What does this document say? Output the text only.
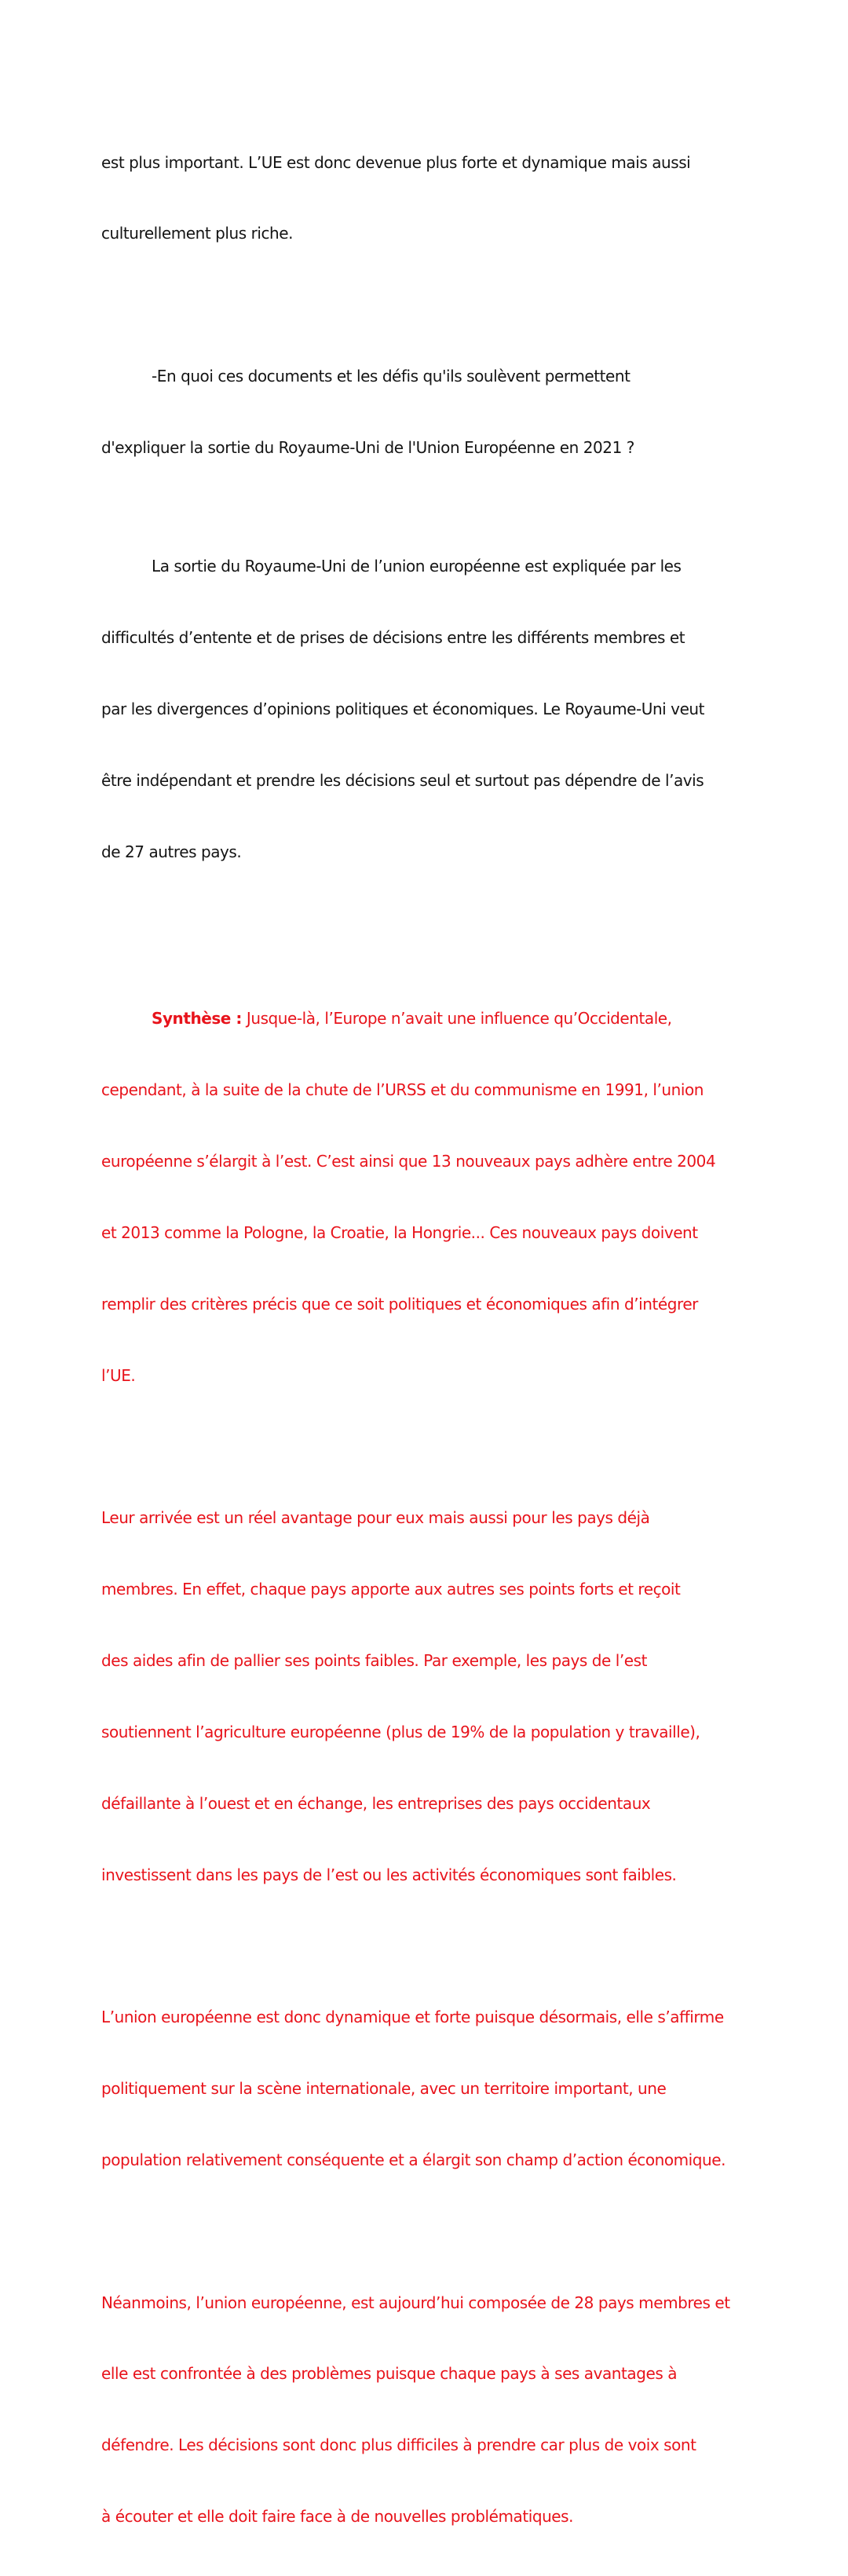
est plus important. L’UE est donc devenue plus forte et dynamique mais aussi

culturellement plus riche.

-En quoi ces documents et les défis qu'ils soulèvent permettent

d'expliquer la sortie du Royaume-Uni de l'Union Européenne en 2021 ?

La sortie du Royaume-Uni de l’union européenne est expliquée par les

difficultés d’entente et de prises de décisions entre les différents membres et

par les divergences d’opinions politiques et économiques. Le Royaume-Uni veut

être indépendant et prendre les décisions seul et surtout pas dépendre de l’avis

de 27 autres pays.

Synthèse : Jusque-là, l’Europe n’avait une influence qu’Occidentale,

cependant, à la suite de la chute de l’URSS et du communisme en 1991, l’union

européenne s’élargit à l’est. C’est ainsi que 13 nouveaux pays adhère entre 2004

et 2013 comme la Pologne, la Croatie, la Hongrie... Ces nouveaux pays doivent

remplir des critères précis que ce soit politiques et économiques afin d’intégrer

l’UE.

Leur arrivée est un réel avantage pour eux mais aussi pour les pays déjà

membres. En effet, chaque pays apporte aux autres ses points forts et reçoit

des aides afin de pallier ses points faibles. Par exemple, les pays de l’est

soutiennent l’agriculture européenne (plus de 19% de la population y travaille),

défaillante à l’ouest et en échange, les entreprises des pays occidentaux

investissent dans les pays de l’est ou les activités économiques sont faibles.

L’union européenne est donc dynamique et forte puisque désormais, elle s’affirme

politiquement sur la scène internationale, avec un territoire important, une

population relativement conséquente et a élargit son champ d’action économique.

Néanmoins, l’union européenne, est aujourd’hui composée de 28 pays membres et

elle est confrontée à des problèmes puisque chaque pays à ses avantages à

défendre. Les décisions sont donc plus difficiles à prendre car plus de voix sont

à écouter et elle doit faire face à de nouvelles problématiques.
